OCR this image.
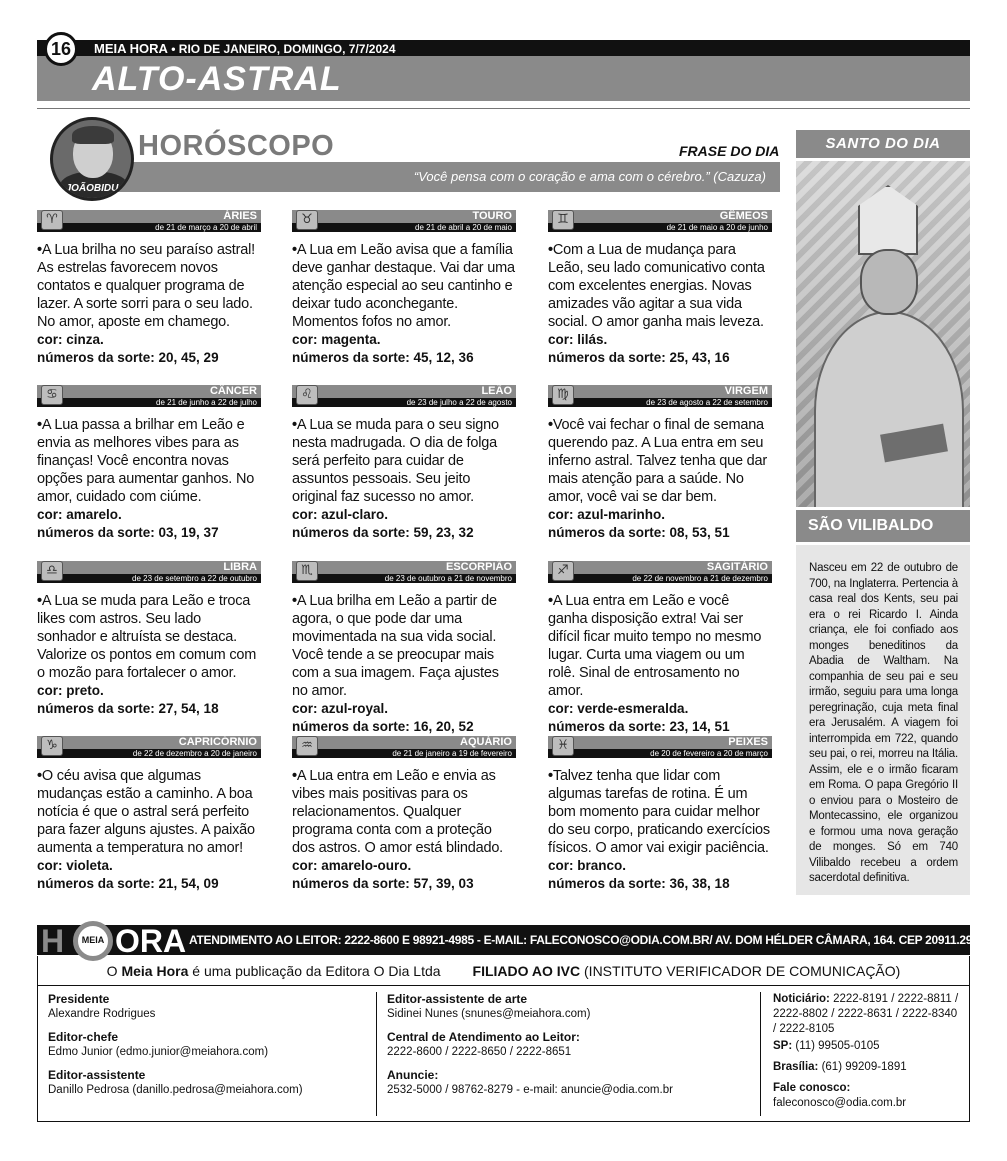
16	MEIA HORA • RIO DE JANEIRO, DOMINGO, 7/7/2024
ALTO-ASTRAL
JOÃOBIDU
HORÓSCOPO	FRASE DO DIA
“Você pensa com o coração e ama com o cérebro.” (Cazuza)
♈	ÁRIES
de 21 de março a 20 de abril
• A Lua brilha no seu paraíso astral! As estrelas favorecem novos contatos e qualquer programa de lazer. A sorte sorri para o seu lado. No amor, aposte em chamego.
cor: cinza.
números da sorte: 20, 45, 29
♉	TOURO
de 21 de abril a 20 de maio
• A Lua em Leão avisa que a família deve ganhar destaque. Vai dar uma atenção especial ao seu cantinho e deixar tudo aconchegante. Momentos fofos no amor.
cor: magenta.
números da sorte: 45, 12, 36
♊	GÊMEOS
de 21 de maio a 20 de junho
• Com a Lua de mudança para Leão, seu lado comunicativo conta com excelentes energias. Novas amizades vão agitar a sua vida social. O amor ganha mais leveza.
cor: lilás.
números da sorte: 25, 43, 16
♋	CÂNCER
de 21 de junho a 22 de julho
• A Lua passa a brilhar em Leão e envia as melhores vibes para as finanças! Você encontra novas opções para aumentar ganhos. No amor, cuidado com ciúme.
cor: amarelo.
números da sorte: 03, 19, 37
♌	LEÃO
de 23 de julho a 22 de agosto
• A Lua se muda para o seu signo nesta madrugada. O dia de folga será perfeito para cuidar de assuntos pessoais. Seu jeito original faz sucesso no amor.
cor: azul-claro.
números da sorte: 59, 23, 32
♍	VIRGEM
de 23 de agosto a 22 de setembro
• Você vai fechar o final de semana querendo paz. A Lua entra em seu inferno astral. Talvez tenha que dar mais atenção para a saúde. No amor, você vai se dar bem.
cor: azul-marinho.
números da sorte: 08, 53, 51
♎	LIBRA
de 23 de setembro a 22 de outubro
• A Lua se muda para Leão e troca likes com astros. Seu lado sonhador e altruísta se destaca. Valorize os pontos em comum com o mozão para fortalecer o amor.
cor: preto.
números da sorte: 27, 54, 18
♏	ESCORPIÃO
de 23 de outubro a 21 de novembro
• A Lua brilha em Leão a partir de agora, o que pode dar uma movimentada na sua vida social. Você tende a se preocupar mais com a sua imagem. Faça ajustes no amor.
cor: azul-royal.
números da sorte: 16, 20, 52
♐	SAGITÁRIO
de 22 de novembro a 21 de dezembro
• A Lua entra em Leão e você ganha disposição extra! Vai ser difícil ficar muito tempo no mesmo lugar. Curta uma viagem ou um rolê. Sinal de entrosamento no amor.
cor: verde-esmeralda.
números da sorte: 23, 14, 51
♑	CAPRICÓRNIO
de 22 de dezembro a 20 de janeiro
• O céu avisa que algumas mudanças estão a caminho. A boa notícia é que o astral será perfeito para fazer alguns ajustes. A paixão aumenta a temperatura no amor!
cor: violeta.
números da sorte: 21, 54, 09
♒	AQUÁRIO
de 21 de janeiro a 19 de fevereiro
• A Lua entra em Leão e envia as vibes mais positivas para os relacionamentos. Qualquer programa conta com a proteção dos astros. O amor está blindado.
cor: amarelo-ouro.
números da sorte: 57, 39, 03
♓	PEIXES
de 20 de fevereiro a 20 de março
• Talvez tenha que lidar com algumas tarefas de rotina. É um bom momento para cuidar melhor do seu corpo, praticando exercícios físicos. O amor vai exigir paciência.
cor: branco.
números da sorte: 36, 38, 18
SANTO DO DIA
SÃO VILIBALDO
Nasceu em 22 de outubro de 700, na Inglaterra. Pertencia à casa real dos Kents, seu pai era o rei Ricardo I. Ainda criança, ele foi confiado aos monges beneditinos da Abadia de Waltham. Na companhia de seu pai e seu irmão, seguiu para uma longa peregrinação, cuja meta final era Jerusalém. A viagem foi interrompida em 722, quando seu pai, o rei, morreu na Itália. Assim, ele e o irmão ficaram em Roma. O papa Gregório II o enviou para o Mosteiro de Montecassino, ele organizou e formou uma nova geração de monges. Só em 740 Vilibaldo recebeu a ordem sacerdotal definitiva.
H	MEIA ORA ATENDIMENTO AO LEITOR: 2222-8600 E 98921-4985 - E-MAIL: FALECONOSCO@ODIA.COM.BR/ AV. DOM HÉLDER CÂMARA, 164. CEP 20911.292, RJ
O Meia Hora é uma publicação da Editora O Dia Ltda FILIADO AO IVC (INSTITUTO VERIFICADOR DE COMUNICAÇÃO)
Presidente
Alexandre Rodrigues
Editor-chefe
Edmo Junior (edmo.junior@meiahora.com)
Editor-assistente
Danillo Pedrosa (danillo.pedrosa@meiahora.com)
Editor-assistente de arte
Sidinei Nunes (snunes@meiahora.com)
Central de Atendimento ao Leitor:
2222-8600 / 2222-8650 / 2222-8651
Anuncie:
2532-5000 / 98762-8279 - e-mail: anuncie@odia.com.br
Noticiário: 2222-8191 / 2222-8811 / 2222-8802 / 2222-8631 / 2222-8340 / 2222-8105
SP: (11) 99505-0105
Brasília: (61) 99209-1891
Fale conosco:
faleconosco@odia.com.br
